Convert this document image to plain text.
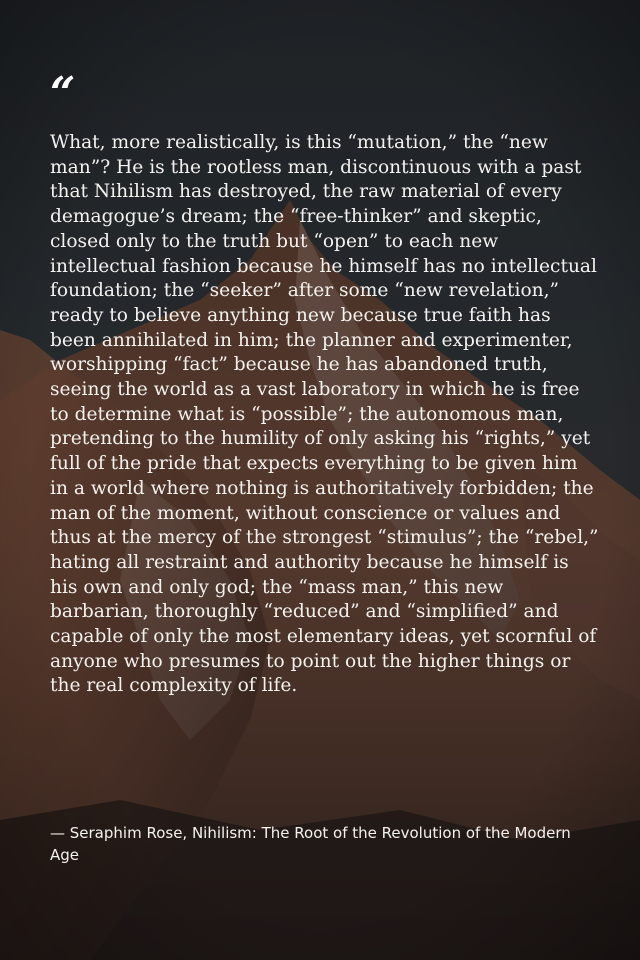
“

What, more realistically, is this “mutation,” the “new man”? He is the rootless man, discontinuous with a past that Nihilism has destroyed, the raw material of every demagogue’s dream; the “free-thinker” and skeptic, closed only to the truth but “open” to each new intellectual fashion because he himself has no intellectual foundation; the “seeker” after some “new revelation,” ready to believe anything new because true faith has been annihilated in him; the planner and experimenter, worshipping “fact” because he has abandoned truth, seeing the world as a vast laboratory in which he is free to determine what is “possible”; the autonomous man, pretending to the humility of only asking his “rights,” yet full of the pride that expects everything to be given him in a world where nothing is authoritatively forbidden; the man of the moment, without conscience or values and thus at the mercy of the strongest “stimulus”; the “rebel,” hating all restraint and authority because he himself is his own and only god; the “mass man,” this new barbarian, thoroughly “reduced” and “simplified” and capable of only the most elementary ideas, yet scornful of anyone who presumes to point out the higher things or the real complexity of life.

— Seraphim Rose, Nihilism: The Root of the Revolution of the Modern Age
